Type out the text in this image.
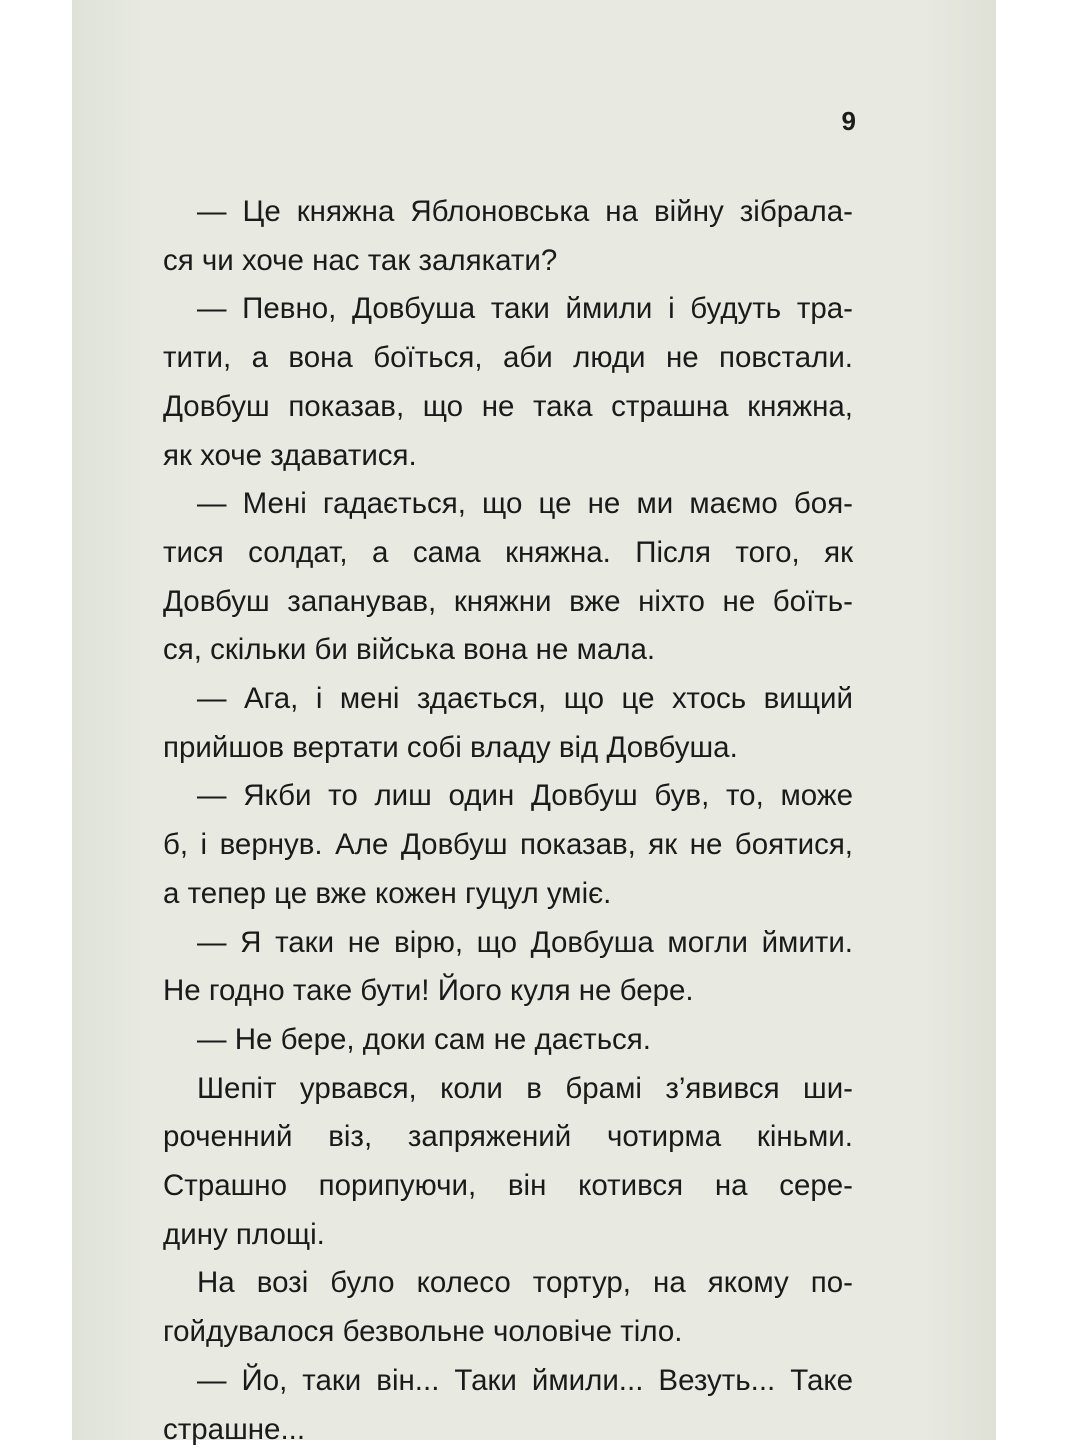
9
— Це княжна Яблоновська на війну зібрала-
ся чи хоче нас так залякати?
— Певно, Довбуша таки ймили і будуть тра-
тити, а вона боїться, аби люди не повстали.
Довбуш показав, що не така страшна княжна,
як хоче здаватися.
— Мені гадається, що це не ми маємо боя-
тися солдат, а сама княжна. Після того, як
Довбуш запанував, княжни вже ніхто не боїть-
ся, скільки би війська вона не мала.
— Ага, і мені здається, що це хтось вищий
прийшов вертати собі владу від Довбуша.
— Якби то лиш один Довбуш був, то, може
б, і вернув. Але Довбуш показав, як не боятися,
а тепер це вже кожен гуцул уміє.
— Я таки не вірю, що Довбуша могли ймити.
Не годно таке бути! Його куля не бере.
— Не бере, доки сам не дається.
Шепіт урвався, коли в брамі з’явився ши-
роченний віз, запряжений чотирма кіньми.
Страшно порипуючи, він котився на сере-
дину площі.
На возі було колесо тортур, на якому по-
гойдувалося безвольне чоловіче тіло.
— Йо, таки він... Таки ймили... Везуть... Таке
страшне...
